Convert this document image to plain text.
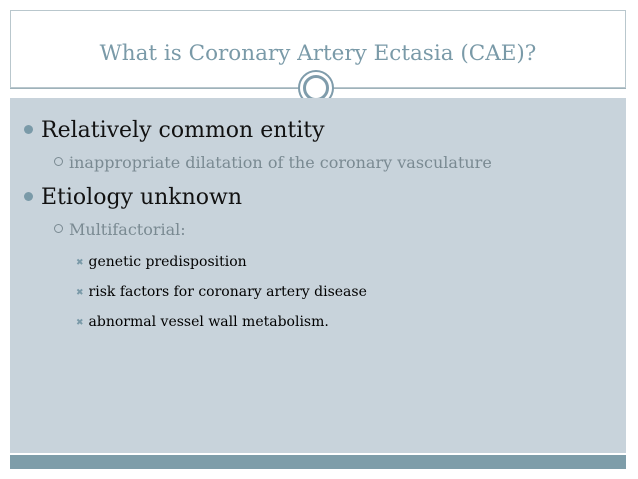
What is Coronary Artery Ectasia (CAE)?
Relatively common entity
inappropriate dilatation of the coronary vasculature
Etiology unknown
Multifactorial:
✖ genetic predisposition
✖ risk factors for coronary artery disease
✖ abnormal vessel wall metabolism.
